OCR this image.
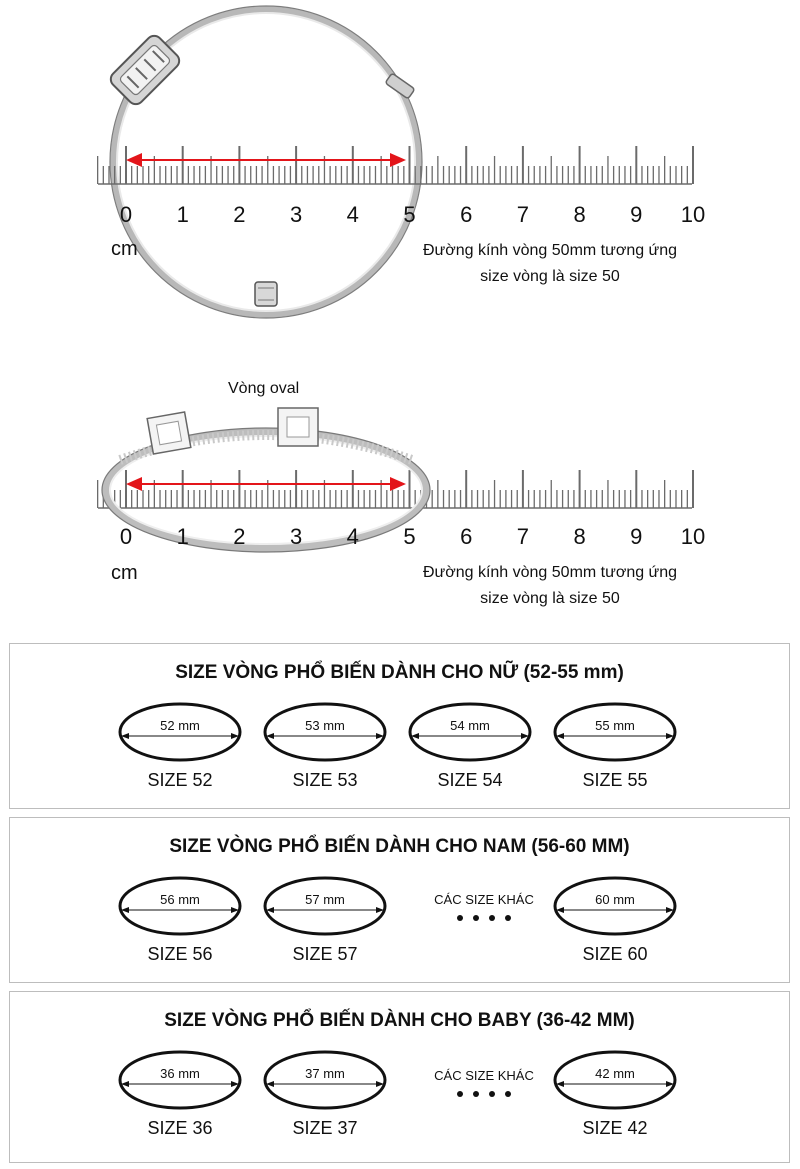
0	1	2	3	4	5	6	7	8	9	10
cm	Đường kính vòng 50mm tương ứng
size vòng là size 50
Vòng oval
0	1	2	3	4	5	6	7	8	9	10
cm	Đường kính vòng 50mm tương ứng
size vòng là size 50
SIZE VÒNG PHỔ BIẾN DÀNH CHO NỮ (52-55 mm)
52 mm
SIZE 52
53 mm
SIZE 53
54 mm
SIZE 54
55 mm
SIZE 55
SIZE VÒNG PHỔ BIẾN DÀNH CHO NAM (56-60 MM)
56 mm
SIZE 56
57 mm
SIZE 57
CÁC SIZE KHÁC	60 mm
SIZE 60
SIZE VÒNG PHỔ BIẾN DÀNH CHO BABY (36-42 MM)
36 mm
SIZE 36
37 mm
SIZE 37
CÁC SIZE KHÁC	42 mm
SIZE 42
